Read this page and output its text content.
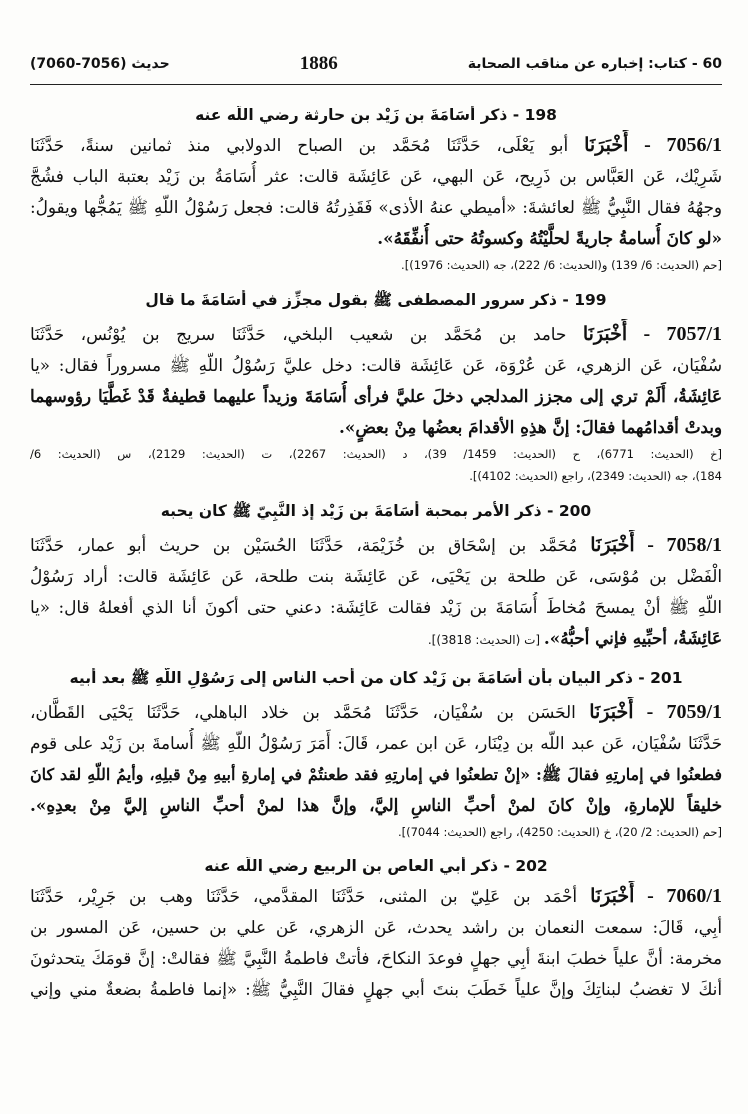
60 - كتاب: إخباره عن مناقب الصحابة
1886
حديث (7056-7060)
198 - ذكر أُسَامَةَ بن زَيْد بن حارثة رضي اللّه عنه
7056/1 - أَخْبَرَنَا أبو يَعْلَى، حَدَّثَنَا مُحَمَّد بن الصباح الدولابي منذ ثمانين سنةً، حَدَّثَنَا
شَرِيْك، عَن العَبَّاس بن ذَرِيح، عَن البهي، عَن عَائِشَة قالت: عثر أُسَامَةُ بن زَيْد بعتبة الباب فشُجَّ
وجهُهُ فقال النَّبِيُّ ﷺ لعائشةَ: «أميطي عنهُ الأذى» فَقَذِرتُهُ قالت: فجعل رَسُوْلُ اللّهِ ﷺ يَمُجُّها ويقولُ:
«لو كانَ أُسامةُ جاريةً لحلَّيْتُهُ وكسوتُهُ حتى أُنفِّقَهُ».
[حم (الحديث: 6/ 139) و(الحديث: 6/ 222)، جه (الحديث: 1976)].
199 - ذكر سرور المصطفى ﷺ بقول مجزِّز في أُسَامَةَ ما قال
7057/1 - أَخْبَرَنَا حامد بن مُحَمَّد بن شعيب البلخي، حَدَّثَنَا سريج بن يُوْنُس، حَدَّثَنَا
سُفْيَان، عَن الزهري، عَن عُرْوَة، عَن عَائِشَة قالت: دخل عليَّ رَسُوْلُ اللّهِ ﷺ مسروراً فقال: «يا
عَائِشَةُ، أَلَمْ تري إلى مجزز المدلجي دخلَ عليَّ فرأى أُسَامَةَ وزيداً عليهما قطيفةٌ قَدْ غَطَّيَا رؤوسهما
وبدتْ أقدامُهما فقالَ: إنَّ هذِهِ الأقدامَ بعضُها مِنْ بعضٍ».
[خ (الحديث: 6771)، ح (الحديث: 1459/ 39)، د (الحديث: 2267)، ت (الحديث: 2129)، س (الحديث: 6/
184)، جه (الحديث: 2349)، راجع (الحديث: 4102)].
200 - ذكر الأمر بمحبة أُسَامَةَ بن زَيْد إذ النَّبِيّ ﷺ كان يحبه
7058/1 - أَخْبَرَنَا مُحَمَّد بن إسْحَاق بن خُزَيْمَة، حَدَّثَنَا الحُسَيْن بن حريث أبو عمار، حَدَّثَنَا
الْفَضْل بن مُوْسَى، عَن طلحة بن يَحْيَى، عَن عَائِشَة بنت طلحة، عَن عَائِشَة قالت: أراد رَسُوْلُ
اللّهِ ﷺ أنْ يمسحَ مُخاطَ أُسَامَةَ بن زَيْد فقالت عَائِشَة: دعني حتى أكونَ أنا الذي أفعلهُ قال: «يا
عَائِشَةُ، أحبِّيهِ فإني أحبُّهُ». [ت (الحديث: 3818)].
201 - ذكر البيان بأن أُسَامَةَ بن زَيْد كان من أحب الناس إلى رَسُوْلِ اللّهِ ﷺ بعد أبيه
7059/1 - أَخْبَرَنَا الحَسَن بن سُفْيَان، حَدَّثَنَا مُحَمَّد بن خلاد الباهلي، حَدَّثَنَا يَحْيَى القَطَّان،
حَدَّثَنَا سُفْيَان، عَن عبد اللّه بن دِيْنَار، عَن ابن عمر، قَالَ: أَمَرَ رَسُوْلُ اللّهِ ﷺ أُسامةَ بن زَيْد على قوم
فطعنُوا في إمارتِهِ فقالَ ﷺ: «إنْ تطعنُوا في إمارتِهِ فقد طعنتُمْ في إمارةِ أبيهِ مِنْ قبلِهِ، وأيمُ اللّهِ لقد كانَ
خليقاً للإمارةِ، وإنْ كانَ لمنْ أحبِّ الناسِ إليَّ، وإنَّ هذا لمنْ أحبِّ الناسِ إليَّ مِنْ بعدِهِ».
[حم (الحديث: 2/ 20)، خ (الحديث: 4250)، راجع (الحديث: 7044)].
202 - ذكر أبي العاص بن الربيع رضي اللّه عنه
7060/1 - أَخْبَرَنَا أحْمَد بن عَلِيّ بن المثنى، حَدَّثَنَا المقدَّمي، حَدَّثَنَا وهب بن جَرِيْر، حَدَّثَنَا
أبِي، قَالَ: سمعت النعمان بن راشد يحدث، عَن الزهري، عَن علي بن حسين، عَن المسور بن
مخرمة: أنَّ علياً خطبَ ابنةَ أبِي جهلٍ فوعدَ النكاحَ، فأتتْ فاطمةُ النَّبِيَّ ﷺ فقالتْ: إنَّ قومَكَ يتحدثونَ
أنكَ لا تغضبُ لبناتِكَ وإنَّ علياً خَطَبَ بنتَ أبي جهلٍ فقالَ النَّبِيُّ ﷺ: «إنما فاطمةُ بضعةٌ مني وإني
